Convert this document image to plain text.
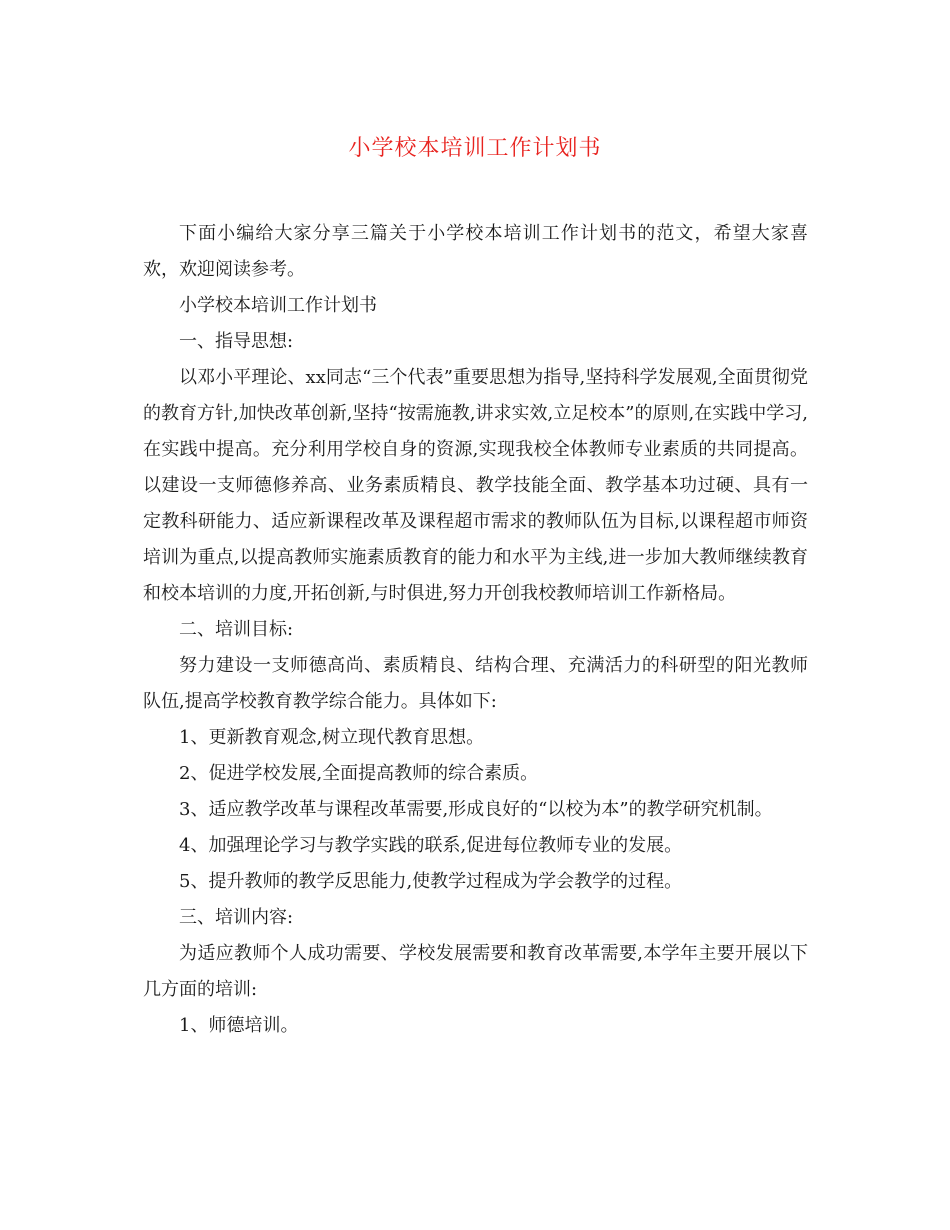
小学校本培训工作计划书

下面小编给大家分享三篇关于小学校本培训工作计划书的范文，希望大家喜欢，欢迎阅读参考。

小学校本培训工作计划书

一、指导思想:

以邓小平理论、xx同志“三个代表”重要思想为指导,坚持科学发展观,全面贯彻党的教育方针,加快改革创新,坚持“按需施教,讲求实效,立足校本”的原则,在实践中学习,在实践中提高。充分利用学校自身的资源,实现我校全体教师专业素质的共同提高。以建设一支师德修养高、业务素质精良、教学技能全面、教学基本功过硬、具有一定教科研能力、适应新课程改革及课程超市需求的教师队伍为目标,以课程超市师资培训为重点,以提高教师实施素质教育的能力和水平为主线,进一步加大教师继续教育和校本培训的力度,开拓创新,与时俱进,努力开创我校教师培训工作新格局。

二、培训目标:

努力建设一支师德高尚、素质精良、结构合理、充满活力的科研型的阳光教师队伍,提高学校教育教学综合能力。具体如下:

1、更新教育观念,树立现代教育思想。

2、促进学校发展,全面提高教师的综合素质。

3、适应教学改革与课程改革需要,形成良好的“以校为本”的教学研究机制。

4、加强理论学习与教学实践的联系,促进每位教师专业的发展。

5、提升教师的教学反思能力,使教学过程成为学会教学的过程。

三、培训内容:

为适应教师个人成功需要、学校发展需要和教育改革需要,本学年主要开展以下几方面的培训:

1、师德培训。
